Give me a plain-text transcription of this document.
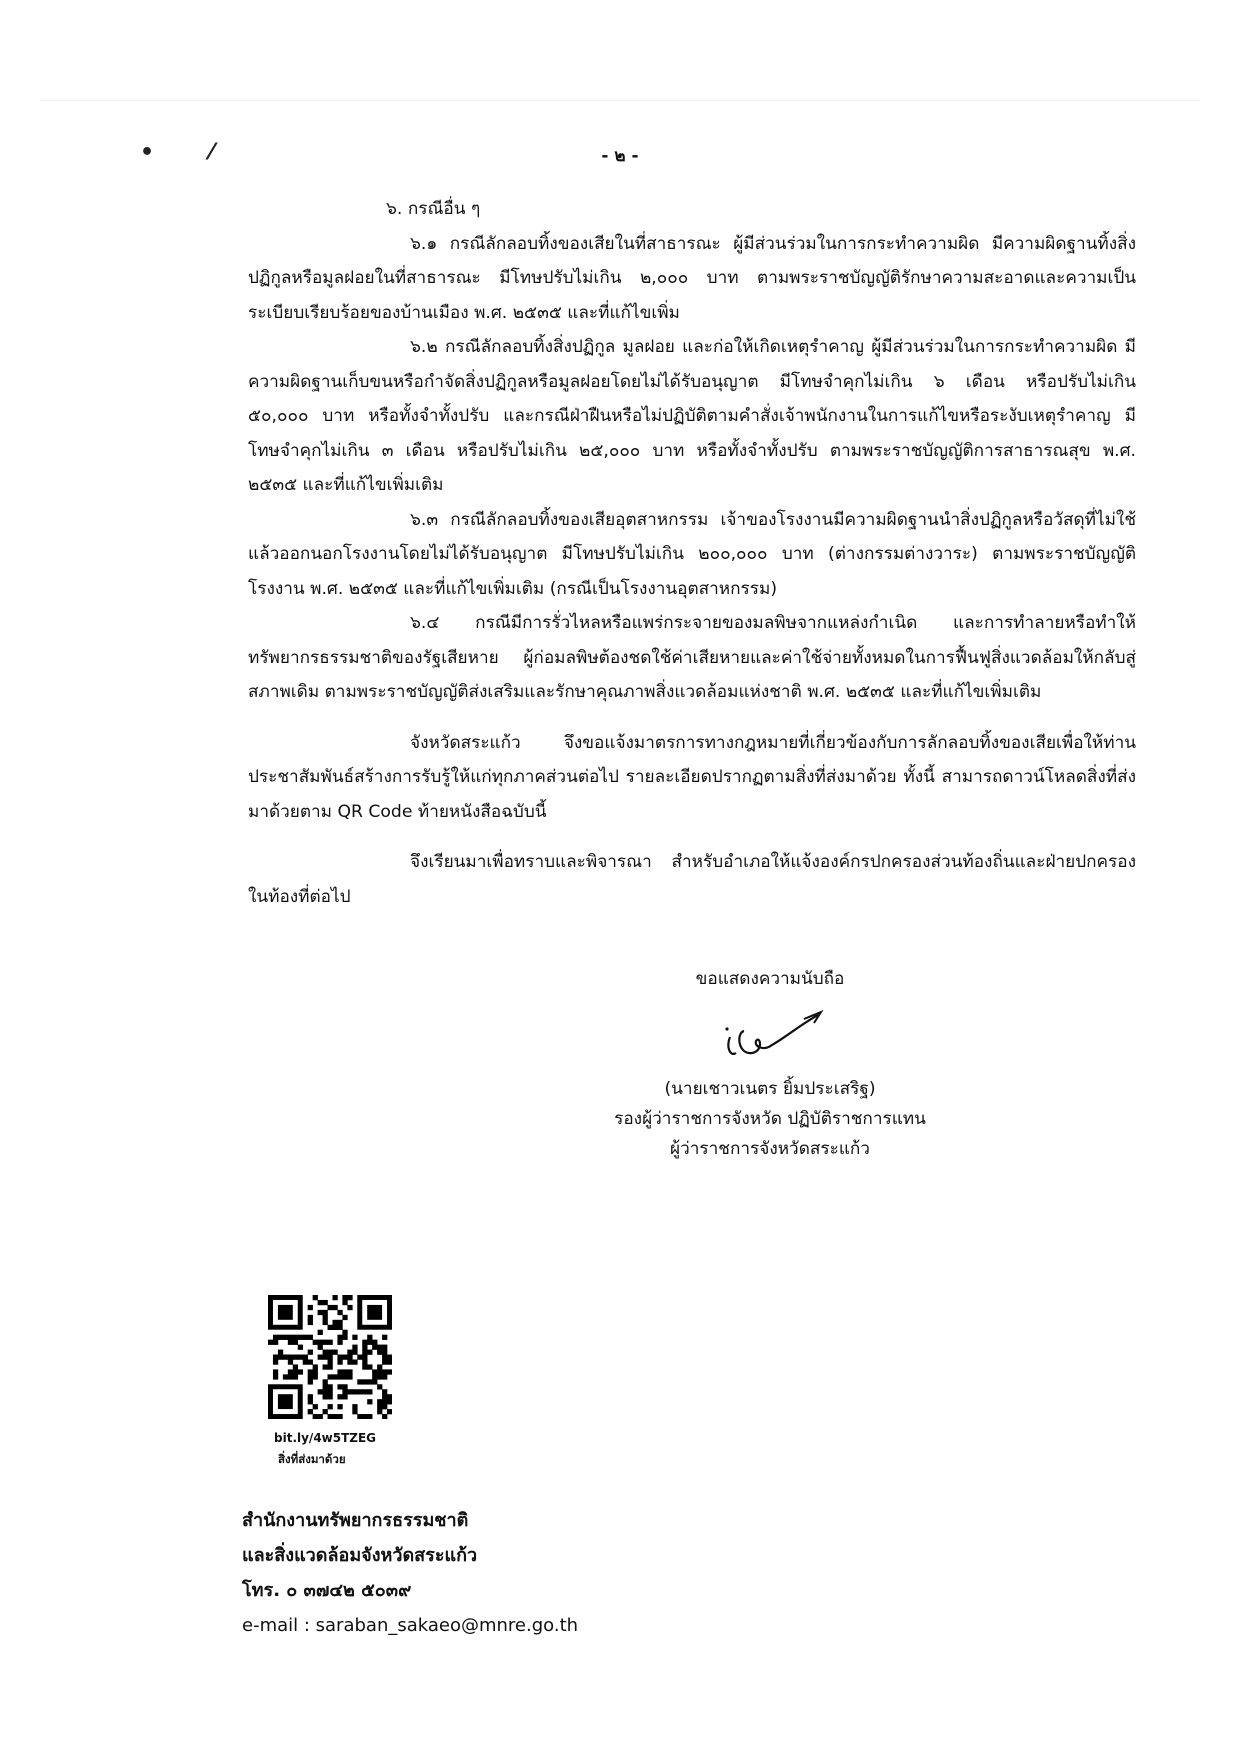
• ⁄	- ๒ -

๖. กรณีอื่น ๆ

๖.๑ กรณีลักลอบทิ้งของเสียในที่สาธารณะ ผู้มีส่วนร่วมในการกระทำความผิด มีความผิดฐานทิ้งสิ่งปฏิกูลหรือมูลฝอยในที่สาธารณะ มีโทษปรับไม่เกิน ๒,๐๐๐ บาท ตามพระราชบัญญัติรักษาความสะอาดและความเป็นระเบียบเรียบร้อยของบ้านเมือง พ.ศ. ๒๕๓๕ และที่แก้ไขเพิ่ม

๖.๒ กรณีลักลอบทิ้งสิ่งปฏิกูล มูลฝอย และก่อให้เกิดเหตุรำคาญ ผู้มีส่วนร่วมในการกระทำความผิด มีความผิดฐานเก็บขนหรือกำจัดสิ่งปฏิกูลหรือมูลฝอยโดยไม่ได้รับอนุญาต มีโทษจำคุกไม่เกิน ๖ เดือน หรือปรับไม่เกิน ๕๐,๐๐๐ บาท หรือทั้งจำทั้งปรับ และกรณีฝ่าฝืนหรือไม่ปฏิบัติตามคำสั่งเจ้าพนักงานในการแก้ไขหรือระงับเหตุรำคาญ มีโทษจำคุกไม่เกิน ๓ เดือน หรือปรับไม่เกิน ๒๕,๐๐๐ บาท หรือทั้งจำทั้งปรับ ตามพระราชบัญญัติการสาธารณสุข พ.ศ. ๒๕๓๕ และที่แก้ไขเพิ่มเติม

๖.๓ กรณีลักลอบทิ้งของเสียอุตสาหกรรม เจ้าของโรงงานมีความผิดฐานนำสิ่งปฏิกูลหรือวัสดุที่ไม่ใช้แล้วออกนอกโรงงานโดยไม่ได้รับอนุญาต มีโทษปรับไม่เกิน ๒๐๐,๐๐๐ บาท (ต่างกรรมต่างวาระ) ตามพระราชบัญญัติโรงงาน พ.ศ. ๒๕๓๕ และที่แก้ไขเพิ่มเติม (กรณีเป็นโรงงานอุตสาหกรรม)

๖.๔ กรณีมีการรั่วไหลหรือแพร่กระจายของมลพิษจากแหล่งกำเนิด และการทำลายหรือทำให้ทรัพยากรธรรมชาติของรัฐเสียหาย ผู้ก่อมลพิษต้องชดใช้ค่าเสียหายและค่าใช้จ่ายทั้งหมดในการฟื้นฟูสิ่งแวดล้อมให้กลับสู่สภาพเดิม ตามพระราชบัญญัติส่งเสริมและรักษาคุณภาพสิ่งแวดล้อมแห่งชาติ พ.ศ. ๒๕๓๕ และที่แก้ไขเพิ่มเติม

จังหวัดสระแก้ว จึงขอแจ้งมาตรการทางกฎหมายที่เกี่ยวข้องกับการลักลอบทิ้งของเสียเพื่อให้ท่านประชาสัมพันธ์สร้างการรับรู้ให้แก่ทุกภาคส่วนต่อไป รายละเอียดปรากฏตามสิ่งที่ส่งมาด้วย ทั้งนี้ สามารถดาวน์โหลดสิ่งที่ส่งมาด้วยตาม QR Code ท้ายหนังสือฉบับนี้

จึงเรียนมาเพื่อทราบและพิจารณา สำหรับอำเภอให้แจ้งองค์กรปกครองส่วนท้องถิ่นและฝ่ายปกครองในท้องที่ต่อไป

ขอแสดงความนับถือ
(นายเชาวเนตร ยิ้มประเสริฐ)
รองผู้ว่าราชการจังหวัด ปฏิบัติราชการแทน
ผู้ว่าราชการจังหวัดสระแก้ว
bit.ly/4w5TZEG
สิ่งที่ส่งมาด้วย
สำนักงานทรัพยากรธรรมชาติ
และสิ่งแวดล้อมจังหวัดสระแก้ว
โทร. ๐ ๓๗๔๒ ๕๐๓๙
e-mail : saraban_sakaeo@mnre.go.th
